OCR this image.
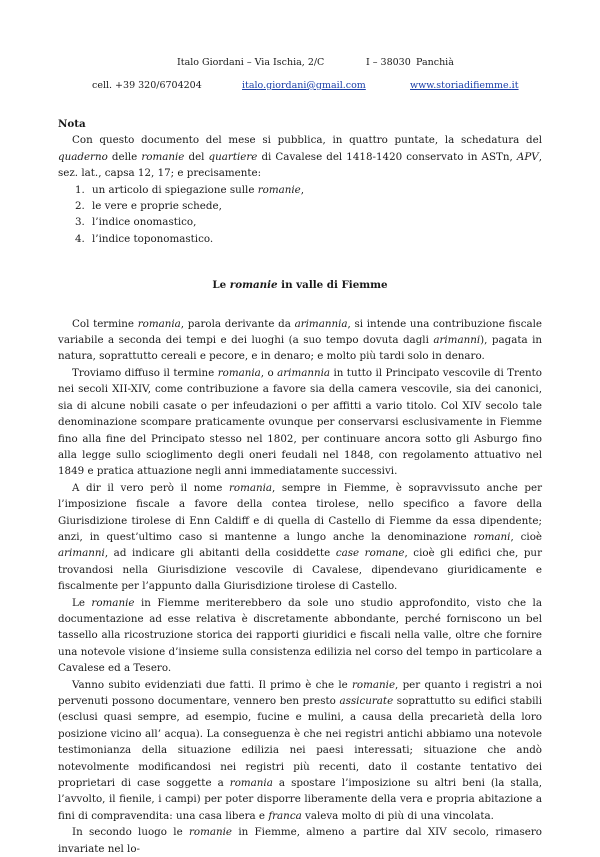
Italo Giordani – Via Ischia, 2/C	I – 38030 Panchià
cell. +39 320/6704204	italo.giordani@gmail.com	www.storiadifiemme.it

Nota

Con questo documento del mese si pubblica, in quattro puntate, la schedatura del quaderno delle romanie del quartiere di Cavalese del 1418-1420 conservato in ASTn, APV, sez. lat., capsa 12, 17; e precisamente:

1. un articolo di spiegazione sulle romanie,
2. le vere e proprie schede,
3. l’indice onomastico,
4. l’indice toponomastico.

Le romanie in valle di Fiemme

Col termine romania, parola derivante da arimannia, si intende una contribuzione fiscale variabile a seconda dei tempi e dei luoghi (a suo tempo dovuta dagli arimanni), pagata in natura, soprattutto cereali e pecore, e in denaro; e molto più tardi solo in denaro.

Troviamo diffuso il termine romania, o arimannia in tutto il Principato vescovile di Trento nei secoli XII-XIV, come contribuzione a favore sia della camera vescovile, sia dei canonici, sia di alcune nobili casate o per infeudazioni o per affitti a vario titolo. Col XIV secolo tale denominazione scompare praticamente ovunque per conservarsi esclusivamente in Fiemme fino alla fine del Principato stesso nel 1802, per continuare ancora sotto gli Asburgo fino alla legge sullo scioglimento degli oneri feudali nel 1848, con regolamento attuativo nel 1849 e pratica attuazione negli anni immediatamente successivi.

A dir il vero però il nome romania, sempre in Fiemme, è sopravvissuto anche per l’imposizione fiscale a favore della contea tirolese, nello specifico a favore della Giurisdizione tirolese di Enn Caldiff e di quella di Castello di Fiemme da essa dipendente; anzi, in quest’ultimo caso si mantenne a lungo anche la denominazione romani, cioè arimanni, ad indicare gli abitanti della cosiddette case romane, cioè gli edifici che, pur trovandosi nella Giurisdizione vescovile di Cavalese, dipendevano giuridicamente e fiscalmente per l’appunto dalla Giurisdizione tirolese di Castello.

Le romanie in Fiemme meriterebbero da sole uno studio approfondito, visto che la documentazione ad esse relativa è discretamente abbondante, perché forniscono un bel tassello alla ricostruzione storica dei rapporti giuridici e fiscali nella valle, oltre che fornire una notevole visione d’insieme sulla consistenza edilizia nel corso del tempo in particolare a Cavalese ed a Tesero.

Vanno subito evidenziati due fatti. Il primo è che le romanie, per quanto i registri a noi pervenuti possono documentare, vennero ben presto assicurate soprattutto su edifici stabili (esclusi quasi sempre, ad esempio, fucine e mulini, a causa della precarietà della loro posizione vicino all’ acqua). La conseguenza è che nei registri antichi abbiamo una notevole testimonianza della situazione edilizia nei paesi interessati; situazione che andò notevolmente modificandosi nei registri più recenti, dato il costante tentativo dei proprietari di case soggette a romania a spostare l’imposizione su altri beni (la stalla, l’avvolto, il fienile, i campi) per poter disporre liberamente della vera e propria abitazione a fini di compravendita: una casa libera e franca valeva molto di più di una vincolata.

In secondo luogo le romanie in Fiemme, almeno a partire dal XIV secolo, rimasero invariate nel lo-
